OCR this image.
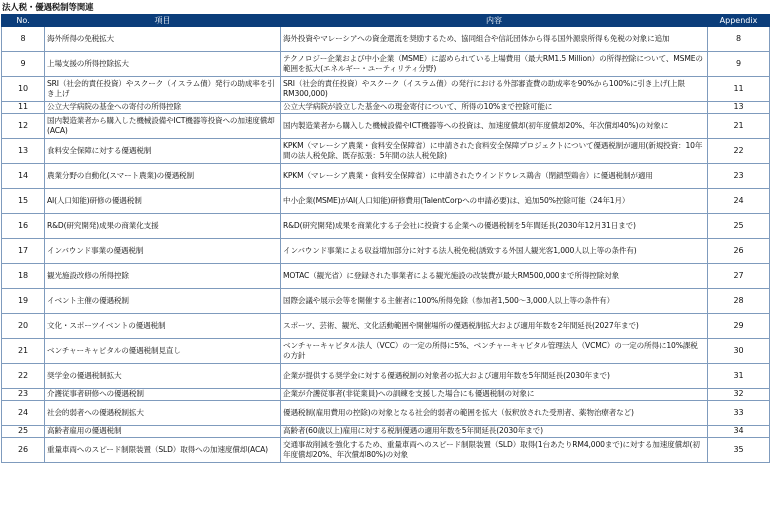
法人税・優遇税制等関連
No.	項目	内容	Appendix
8	海外所得の免税拡大	海外投資やマレーシアへの資金還流を奨励するため、協同組合や信託団体から得る国外源泉所得も免税の対象に追加	8
9	上場支援の所得控除拡大	テクノロジー企業および中小企業（MSME）に認められている上場費用（最大RM1.5 Million）の所得控除について、MSMEの範囲を拡大(エネルギー・ユーティリティ分野)	9
10	SRI（社会的責任投資）やスクーク（イスラム債）発行の助成率を引き上げ	SRI（社会的責任投資）やスクーク（イスラム債）の発行における外部審査費の助成率を90%から100%に引き上げ(上限RM300,000)	11
11	公立大学病院の基金への寄付の所得控除	公立大学病院が設立した基金への現金寄付について、所得の10%まで控除可能に	13
12	国内製造業者から購入した機械設備やICT機器等投資への加速度償却(ACA)	国内製造業者から購入した機械設備やICT機器等への投資は、加速度償却(初年度償却20%、年次償却40%)の対象に	21
13	食料安全保障に対する優遇税制	KPKM（マレーシア農業・食料安全保障省）に申請された食料安全保障プロジェクトについて優遇税制が適用(新規投資：10年間の法人税免除、既存拡張：5年間の法人税免除)	22
14	農業分野の自動化(スマート農業)の優遇税制	KPKM（マレーシア農業・食料安全保障省）に申請されたウインドウレス鶏舎（閉鎖型鶏舎）に優遇税制が適用	23
15	AI(人口知能)研修の優遇税制	中小企業(MSME)がAI(人口知能)研修費用(TalentCorpへの申請必要)は、追加50%控除可能（24年1月）	24
16	R&D(研究開発)成果の商業化支援	R&D(研究開発)成果を商業化する子会社に投資する企業への優遇税制を5年間延長(2030年12月31日まで)	25
17	インバウンド事業の優遇税制	インバウンド事業による収益増加部分に対する法人税免税(誘致する外国人観光客1,000人以上等の条件有)	26
18	観光施設改修の所得控除	MOTAC（観光省）に登録された事業者による観光施設の改装費が最大RM500,000まで所得控除対象	27
19	イベント主催の優遇税制	国際会議や展示会等を開催する主催者に100%所得免除（参加者1,500～3,000人以上等の条件有）	28
20	文化・スポーツイベントの優遇税制	スポーツ、芸術、観光、文化活動範囲や開催場所の優遇税制拡大および適用年数を2年間延長(2027年まで)	29
21	ベンチャーキャピタルの優遇税制見直し	ベンチャーキャピタル法人（VCC）の一定の所得に5%、ベンチャーキャピタル管理法人（VCMC）の一定の所得に10%課税の方針	30
22	奨学金の優遇税制拡大	企業が提供する奨学金に対する優遇税制の対象者の拡大および適用年数を5年間延長(2030年まで)	31
23	介護従事者研修への優遇税制	企業が介護従事者(非従業員)への訓練を支援した場合にも優遇税制の対象に	32
24	社会的弱者への優遇税制拡大	優遇税制(雇用費用の控除)の対象となる社会的弱者の範囲を拡大（仮釈放された受刑者、薬物治療者など)	33
25	高齢者雇用の優遇税制	高齢者(60歳以上)雇用に対する税制優遇の適用年数を5年間延長(2030年まで)	34
26	重量車両へのスピード制限装置（SLD）取得への加速度償却(ACA)	交通事故削減を強化するため、重量車両へのスピード制限装置（SLD）取得(1台あたりRM4,000まで)に対する加速度償却(初年度償却20%、年次償却80%)の対象	35
